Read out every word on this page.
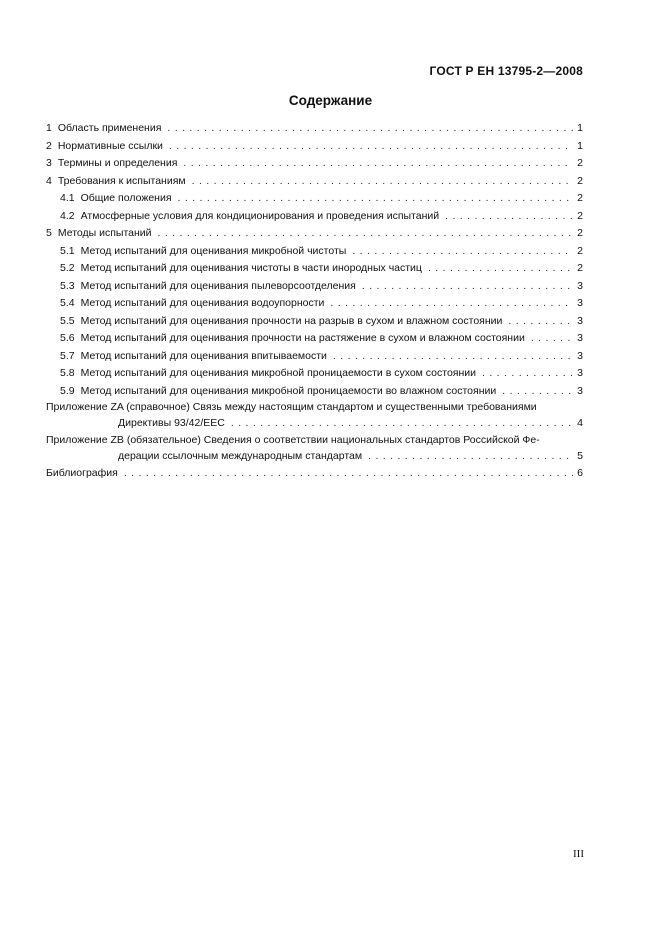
ГОСТ Р ЕН 13795-2—2008
Содержание
1 Область применения . . .	1
2 Нормативные ссылки . . .	1
3 Термины и определения . . .	2
4 Требования к испытаниям . . .	2
4.1 Общие положения . . .	2
4.2 Атмосферные условия для кондиционирования и проведения испытаний . . .	2
5 Методы испытаний . . .	2
5.1 Метод испытаний для оценивания микробной чистоты . . .	2
5.2 Метод испытаний для оценивания чистоты в части инородных частиц . . .	2
5.3 Метод испытаний для оценивания пылеворсоотделения . . .	3
5.4 Метод испытаний для оценивания водоупорности . . .	3
5.5 Метод испытаний для оценивания прочности на разрыв в сухом и влажном состоянии . . .	3
5.6 Метод испытаний для оценивания прочности на растяжение в сухом и влажном состоянии . . .	3
5.7 Метод испытаний для оценивания впитываемости . . .	3
5.8 Метод испытаний для оценивания микробной проницаемости в сухом состоянии . . .	3
5.9 Метод испытаний для оценивания микробной проницаемости во влажном состоянии . . .	3
Приложение ZA (справочное) Связь между настоящим стандартом и существенными требованиями
Директивы 93/42/EEC . . .	4
Приложение ZB (обязательное) Сведения о соответствии национальных стандартов Российской Фе-
дерации ссылочным международным стандартам . . .	5
Библиография . . .	6
III
